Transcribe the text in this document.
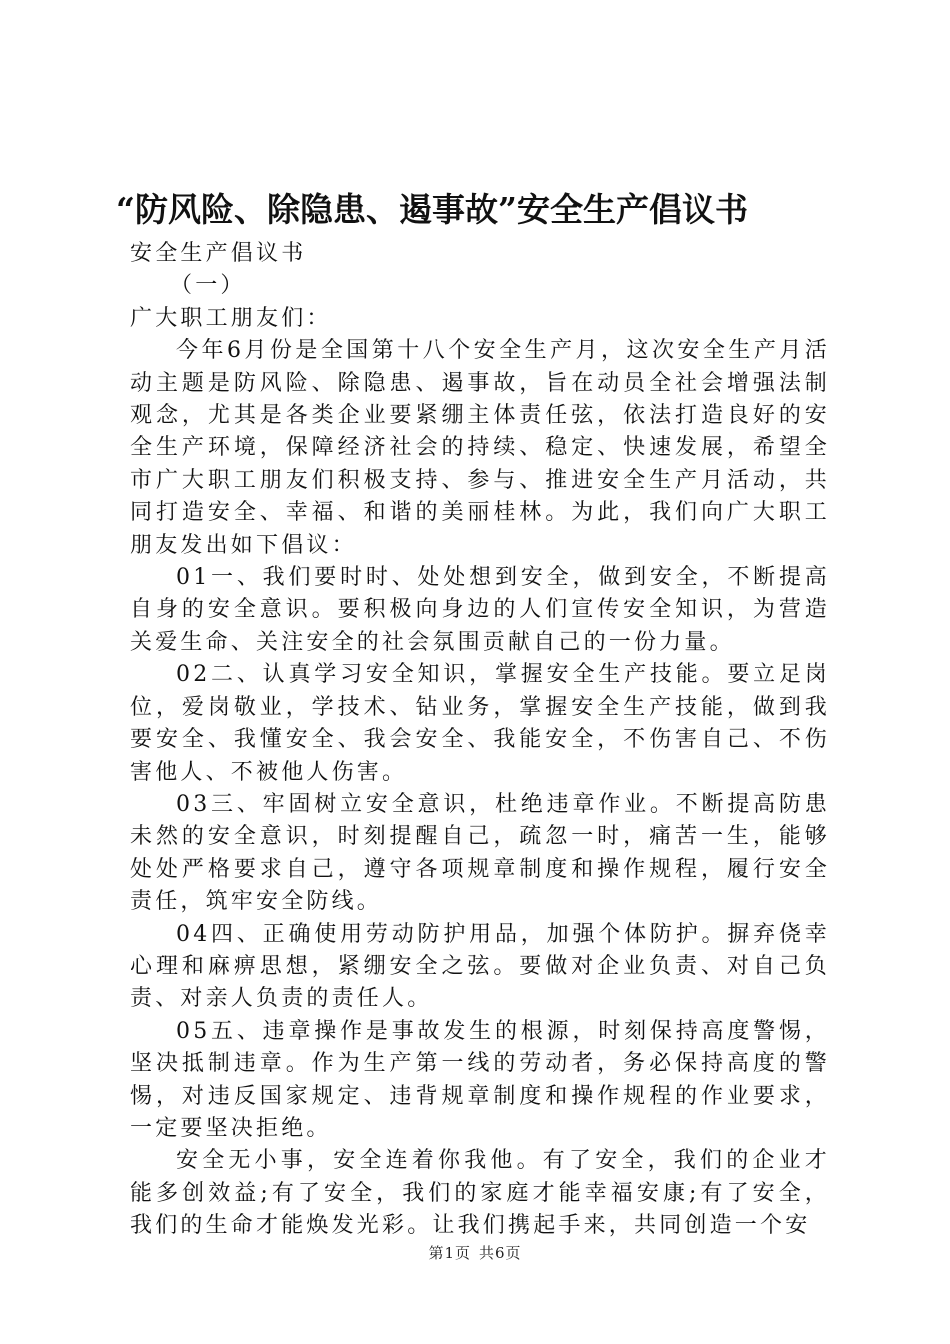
“防风险、除隐患、遏事故”安全生产倡议书

安全生产倡议书

（一）

广大职工朋友们：

今年6月份是全国第十八个安全生产月，这次安全生产月活动主题是防风险、除隐患、遏事故，旨在动员全社会增强法制观念，尤其是各类企业要紧绷主体责任弦，依法打造良好的安全生产环境，保障经济社会的持续、稳定、快速发展，希望全市广大职工朋友们积极支持、参与、推进安全生产月活动，共同打造安全、幸福、和谐的美丽桂林。为此，我们向广大职工朋友发出如下倡议：

01一、我们要时时、处处想到安全，做到安全，不断提高自身的安全意识。要积极向身边的人们宣传安全知识，为营造关爱生命、关注安全的社会氛围贡献自己的一份力量。

02二、认真学习安全知识，掌握安全生产技能。要立足岗位，爱岗敬业，学技术、钻业务，掌握安全生产技能，做到我要安全、我懂安全、我会安全、我能安全，不伤害自己、不伤害他人、不被他人伤害。

03三、牢固树立安全意识，杜绝违章作业。不断提高防患未然的安全意识，时刻提醒自己，疏忽一时，痛苦一生，能够处处严格要求自己，遵守各项规章制度和操作规程，履行安全责任，筑牢安全防线。

04四、正确使用劳动防护用品，加强个体防护。摒弃侥幸心理和麻痹思想，紧绷安全之弦。要做对企业负责、对自己负责、对亲人负责的责任人。

05五、违章操作是事故发生的根源，时刻保持高度警惕，坚决抵制违章。作为生产第一线的劳动者，务必保持高度的警惕，对违反国家规定、违背规章制度和操作规程的作业要求，一定要坚决拒绝。

安全无小事，安全连着你我他。有了安全，我们的企业才能多创效益;有了安全，我们的家庭才能幸福安康;有了安全，我们的生命才能焕发光彩。让我们携起手来，共同创造一个安

第1页 共6页
